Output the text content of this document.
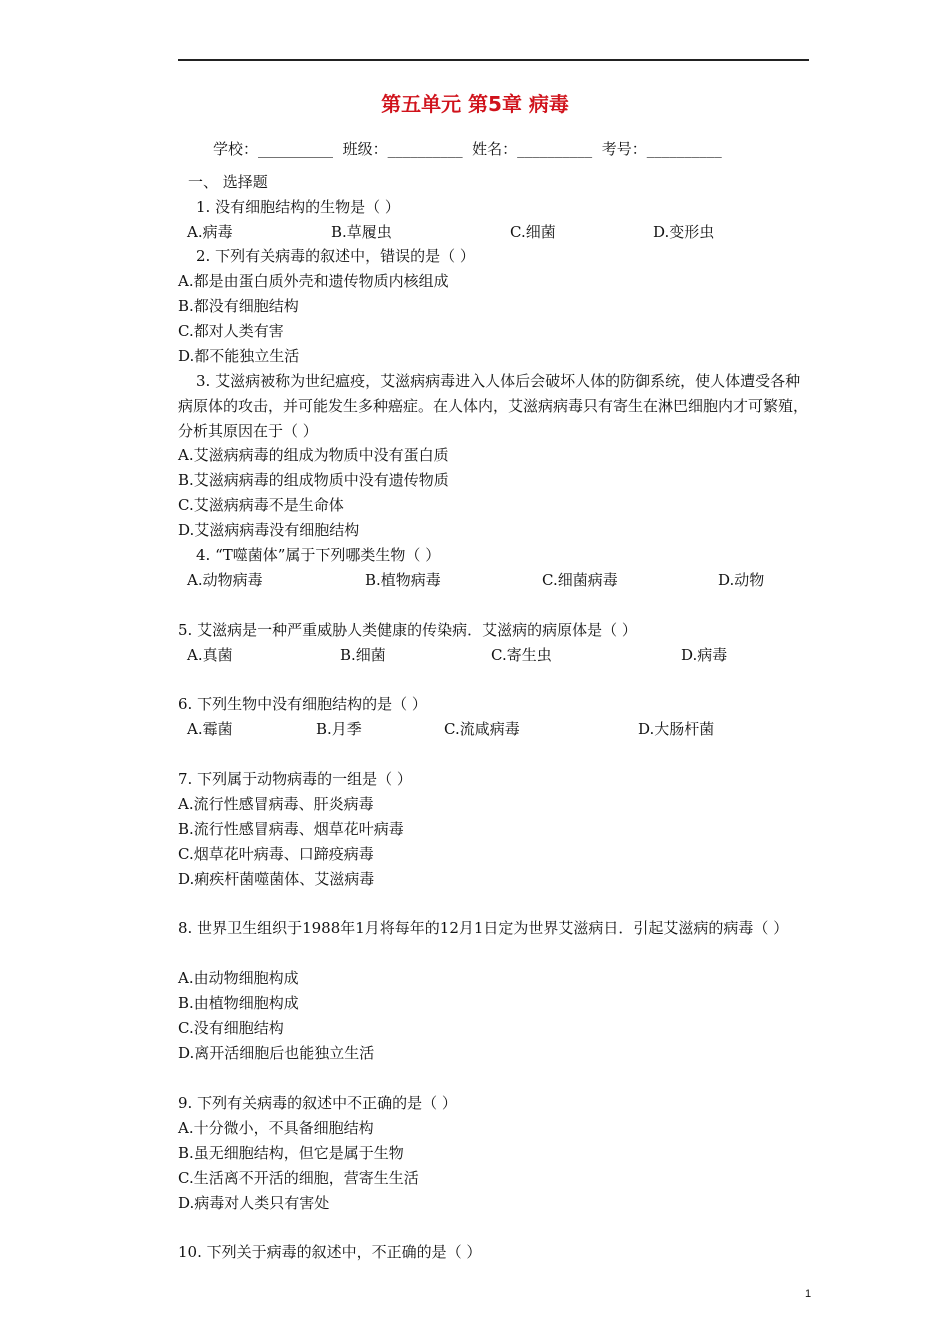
第五单元 第5章 病毒
学校：__________ 班级：__________ 姓名：__________ 考号：__________
一、 选择题
1. 没有细胞结构的生物是（ ）
A.病毒	B.草履虫	C.细菌	D.变形虫
2. 下列有关病毒的叙述中，错误的是（ ）
A.都是由蛋白质外壳和遗传物质内核组成
B.都没有细胞结构
C.都对人类有害
D.都不能独立生活
3. 艾滋病被称为世纪瘟疫，艾滋病病毒进入人体后会破坏人体的防御系统，使人体遭受各种病原体的攻击，并可能发生多种癌症。在人体内，艾滋病病毒只有寄生在淋巴细胞内才可繁殖，分析其原因在于（ ）
A.艾滋病病毒的组成为物质中没有蛋白质
B.艾滋病病毒的组成物质中没有遗传物质
C.艾滋病病毒不是生命体
D.艾滋病病毒没有细胞结构
4. “T噬菌体”属于下列哪类生物（ ）
A.动物病毒	B.植物病毒	C.细菌病毒	D.动物
5. 艾滋病是一种严重威胁人类健康的传染病．艾滋病的病原体是（ ）
A.真菌	B.细菌	C.寄生虫	D.病毒
6. 下列生物中没有细胞结构的是（ ）
A.霉菌	B.月季	C.流咸病毒	D.大肠杆菌
7. 下列属于动物病毒的一组是（ ）
A.流行性感冒病毒、肝炎病毒
B.流行性感冒病毒、烟草花叶病毒
C.烟草花叶病毒、口蹄疫病毒
D.痢疾杆菌噬菌体、艾滋病毒
8. 世界卫生组织于1988年1月将每年的12月1日定为世界艾滋病日．引起艾滋病的病毒（ ）
A.由动物细胞构成
B.由植物细胞构成
C.没有细胞结构
D.离开活细胞后也能独立生活
9. 下列有关病毒的叙述中不正确的是（ ）
A.十分微小，不具备细胞结构
B.虽无细胞结构，但它是属于生物
C.生活离不开活的细胞，营寄生生活
D.病毒对人类只有害处
10. 下列关于病毒的叙述中，不正确的是（ ）
1
